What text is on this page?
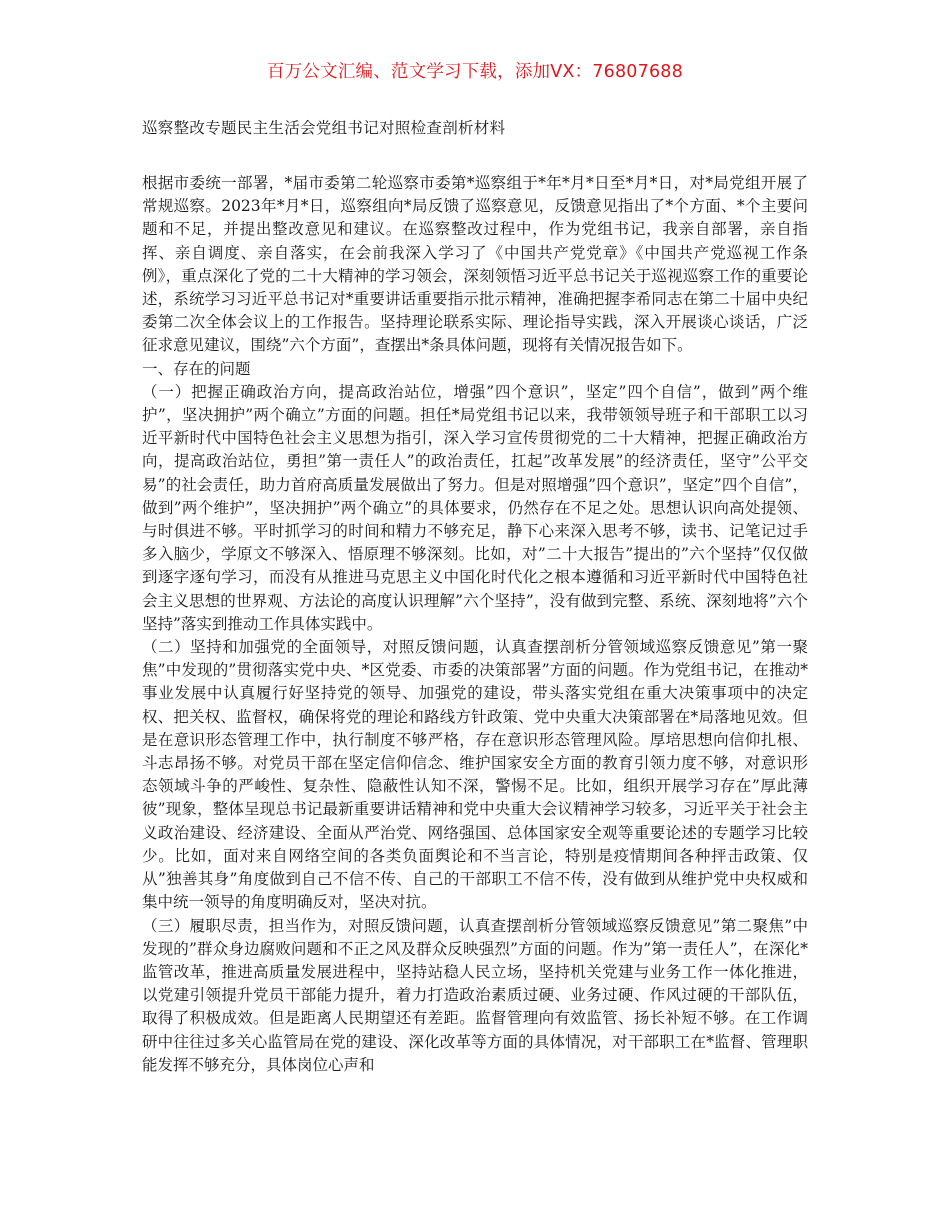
百万公文汇编、范文学习下载，添加VX：76807688
巡察整改专题民主生活会党组书记对照检查剖析材料

根据市委统一部署，*届市委第二轮巡察市委第*巡察组于*年*月*日至*月*日，对*局党组开展了常规巡察。2023年*月*日，巡察组向*局反馈了巡察意见，反馈意见指出了*个方面、*个主要问题和不足，并提出整改意见和建议。在巡察整改过程中，作为党组书记，我亲自部署，亲自指挥、亲自调度、亲自落实，在会前我深入学习了《中国共产党党章》《中国共产党巡视工作条例》，重点深化了党的二十大精神的学习领会，深刻领悟习近平总书记关于巡视巡察工作的重要论述，系统学习习近平总书记对*重要讲话重要指示批示精神，准确把握李希同志在第二十届中央纪委第二次全体会议上的工作报告。坚持理论联系实际、理论指导实践，深入开展谈心谈话，广泛征求意见建议，围绕”六个方面”，查摆出*条具体问题，现将有关情况报告如下。

一、存在的问题

（一）把握正确政治方向，提高政治站位，增强”四个意识”，坚定”四个自信”，做到”两个维护”，坚决拥护”两个确立”方面的问题。担任*局党组书记以来，我带领领导班子和干部职工以习近平新时代中国特色社会主义思想为指引，深入学习宣传贯彻党的二十大精神，把握正确政治方向，提高政治站位，勇担”第一责任人”的政治责任，扛起”改革发展”的经济责任，坚守”公平交易”的社会责任，助力首府高质量发展做出了努力。但是对照增强”四个意识”，坚定”四个自信”，做到”两个维护”，坚决拥护”两个确立”的具体要求，仍然存在不足之处。思想认识向高处提领、与时俱进不够。平时抓学习的时间和精力不够充足，静下心来深入思考不够，读书、记笔记过手多入脑少，学原文不够深入、悟原理不够深刻。比如，对”二十大报告”提出的”六个坚持”仅仅做到逐字逐句学习，而没有从推进马克思主义中国化时代化之根本遵循和习近平新时代中国特色社会主义思想的世界观、方法论的高度认识理解”六个坚持”，没有做到完整、系统、深刻地将”六个坚持”落实到推动工作具体实践中。

（二）坚持和加强党的全面领导，对照反馈问题，认真查摆剖析分管领域巡察反馈意见”第一聚焦”中发现的”贯彻落实党中央、*区党委、市委的决策部署”方面的问题。作为党组书记，在推动*事业发展中认真履行好坚持党的领导、加强党的建设，带头落实党组在重大决策事项中的决定权、把关权、监督权，确保将党的理论和路线方针政策、党中央重大决策部署在*局落地见效。但是在意识形态管理工作中，执行制度不够严格，存在意识形态管理风险。厚培思想向信仰扎根、斗志昂扬不够。对党员干部在坚定信仰信念、维护国家安全方面的教育引领力度不够，对意识形态领域斗争的严峻性、复杂性、隐蔽性认知不深，警惕不足。比如，组织开展学习存在”厚此薄彼”现象，整体呈现总书记最新重要讲话精神和党中央重大会议精神学习较多，习近平关于社会主义政治建设、经济建设、全面从严治党、网络强国、总体国家安全观等重要论述的专题学习比较少。比如，面对来自网络空间的各类负面舆论和不当言论，特别是疫情期间各种抨击政策、仅从”独善其身”角度做到自己不信不传、自己的干部职工不信不传，没有做到从维护党中央权威和集中统一领导的角度明确反对，坚决对抗。

（三）履职尽责，担当作为，对照反馈问题，认真查摆剖析分管领域巡察反馈意见”第二聚焦”中发现的”群众身边腐败问题和不正之风及群众反映强烈”方面的问题。作为”第一责任人”，在深化*监管改革，推进高质量发展进程中，坚持站稳人民立场，坚持机关党建与业务工作一体化推进，以党建引领提升党员干部能力提升，着力打造政治素质过硬、业务过硬、作风过硬的干部队伍，取得了积极成效。但是距离人民期望还有差距。监督管理向有效监管、扬长补短不够。在工作调研中往往过多关心监管局在党的建设、深化改革等方面的具体情况，对干部职工在*监督、管理职能发挥不够充分，具体岗位心声和
